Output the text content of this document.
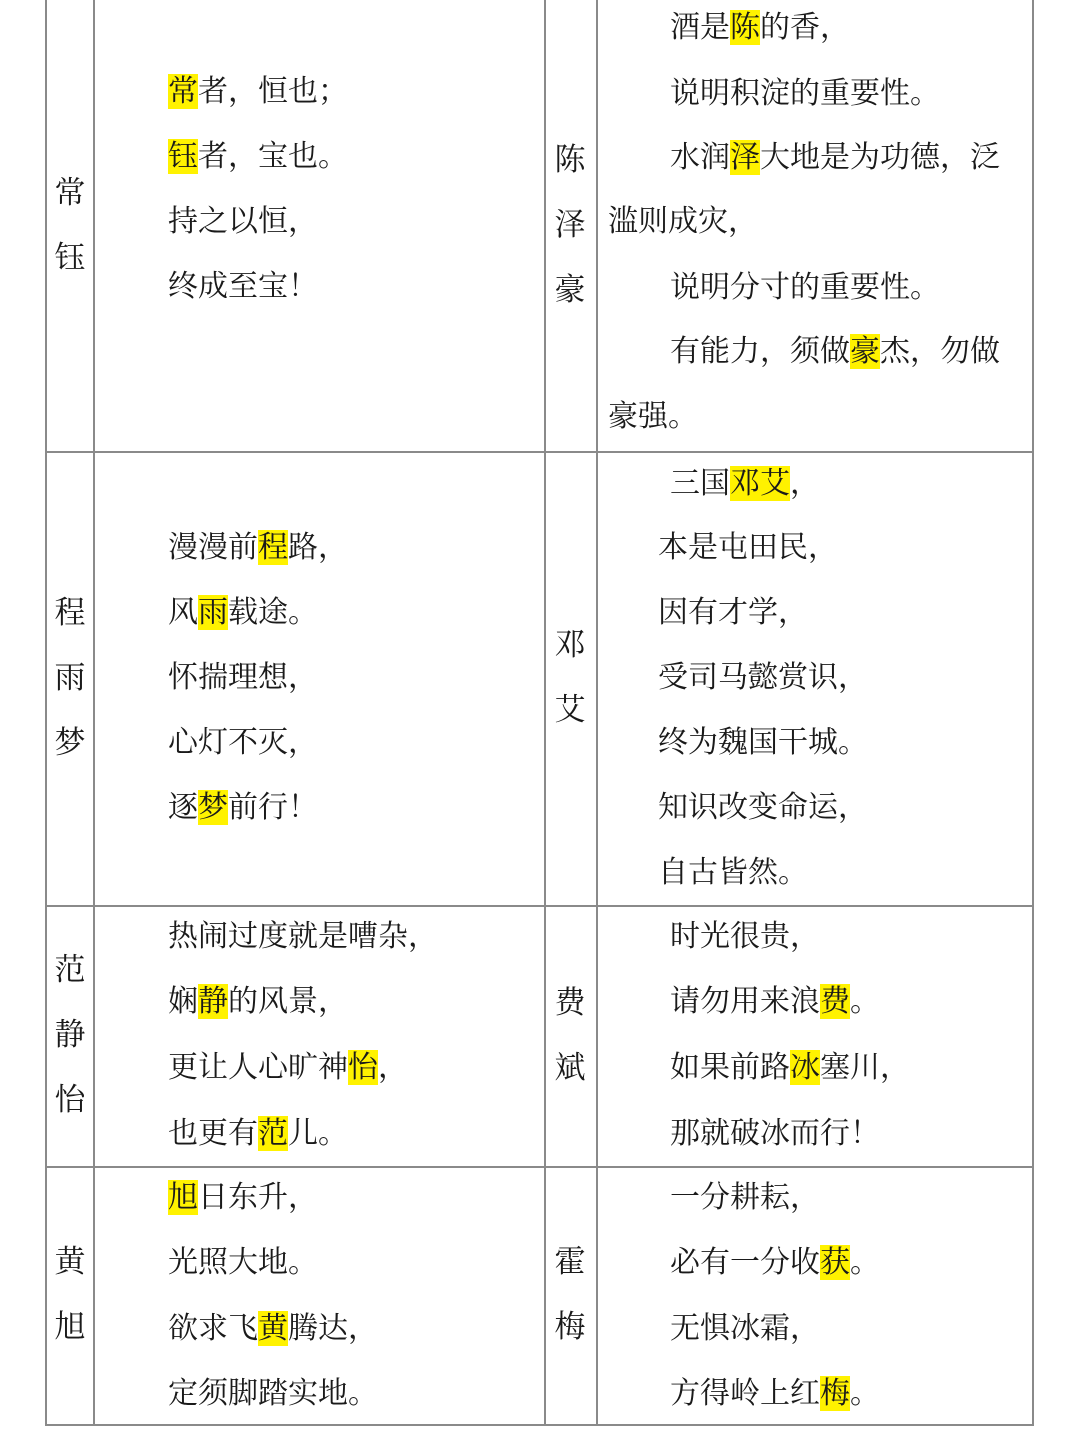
常
钰
陈
泽
豪
常者，恒也；
钰者，宝也。
持之以恒，
终成至宝！
酒是陈的香，
说明积淀的重要性。
水润泽大地是为功德，泛
滥则成灾，
说明分寸的重要性。
有能力，须做豪杰，勿做
豪强。
程
雨
梦
邓
艾
漫漫前程路，
风雨载途。
怀揣理想，
心灯不灭，
逐梦前行！
三国邓艾，
本是屯田民，
因有才学，
受司马懿赏识，
终为魏国干城。
知识改变命运，
自古皆然。
范
静
怡
费
斌
热闹过度就是嘈杂，
娴静的风景，
更让人心旷神怡，
也更有范儿。
时光很贵，
请勿用来浪费。
如果前路冰塞川，
那就破冰而行！
黄
旭
霍
梅
旭日东升，
光照大地。
欲求飞黄腾达，
定须脚踏实地。
一分耕耘，
必有一分收获。
无惧冰霜，
方得岭上红梅。
